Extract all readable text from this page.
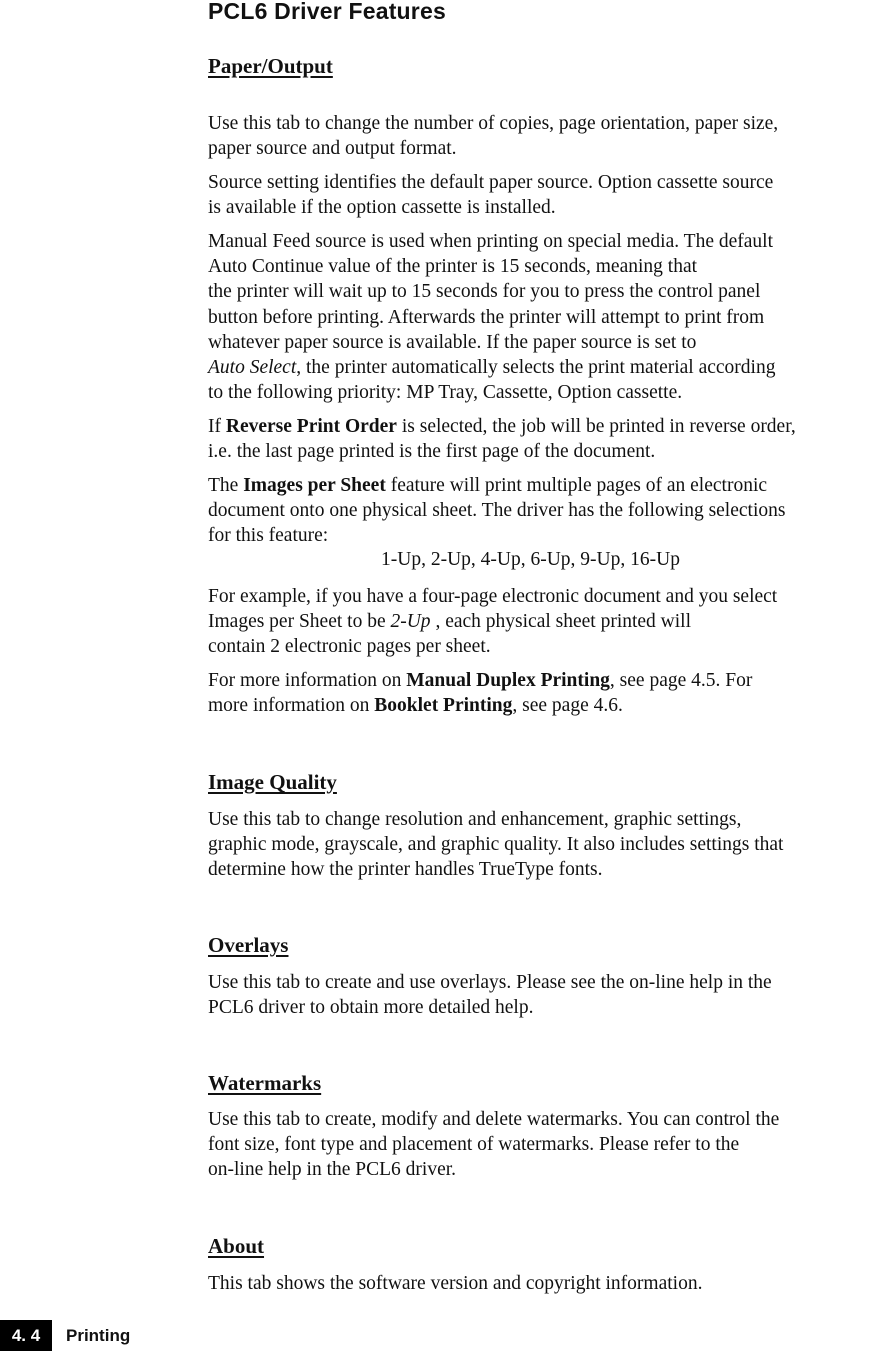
PCL6 Driver Features
Paper/Output

Use this tab to change the number of copies, page orientation, paper size,
paper source and output format.

Source setting identifies the default paper source. Option cassette source
is available if the option cassette is installed.

Manual Feed source is used when printing on special media. The default
Auto Continue value of the printer is 15 seconds, meaning that
the printer will wait up to 15 seconds for you to press the control panel
button before printing. Afterwards the printer will attempt to print from
whatever paper source is available. If the paper source is set to
Auto Select, the printer automatically selects the print material according
to the following priority: MP Tray, Cassette, Option cassette.

If Reverse Print Order is selected, the job will be printed in reverse order,
i.e. the last page printed is the first page of the document.

The Images per Sheet feature will print multiple pages of an electronic
document onto one physical sheet. The driver has the following selections
for this feature:

1-Up, 2-Up, 4-Up, 6-Up, 9-Up, 16-Up

For example, if you have a four-page electronic document and you select
Images per Sheet to be 2-Up , each physical sheet printed will
contain 2 electronic pages per sheet.

For more information on Manual Duplex Printing, see page 4.5. For
more information on Booklet Printing, see page 4.6.

Image Quality

Use this tab to change resolution and enhancement, graphic settings,
graphic mode, grayscale, and graphic quality. It also includes settings that
determine how the printer handles TrueType fonts.

Overlays

Use this tab to create and use overlays. Please see the on-line help in the
PCL6 driver to obtain more detailed help.

Watermarks

Use this tab to create, modify and delete watermarks. You can control the
font size, font type and placement of watermarks. Please refer to the
on-line help in the PCL6 driver.

About

This tab shows the software version and copyright information.

4. 4	Printing
